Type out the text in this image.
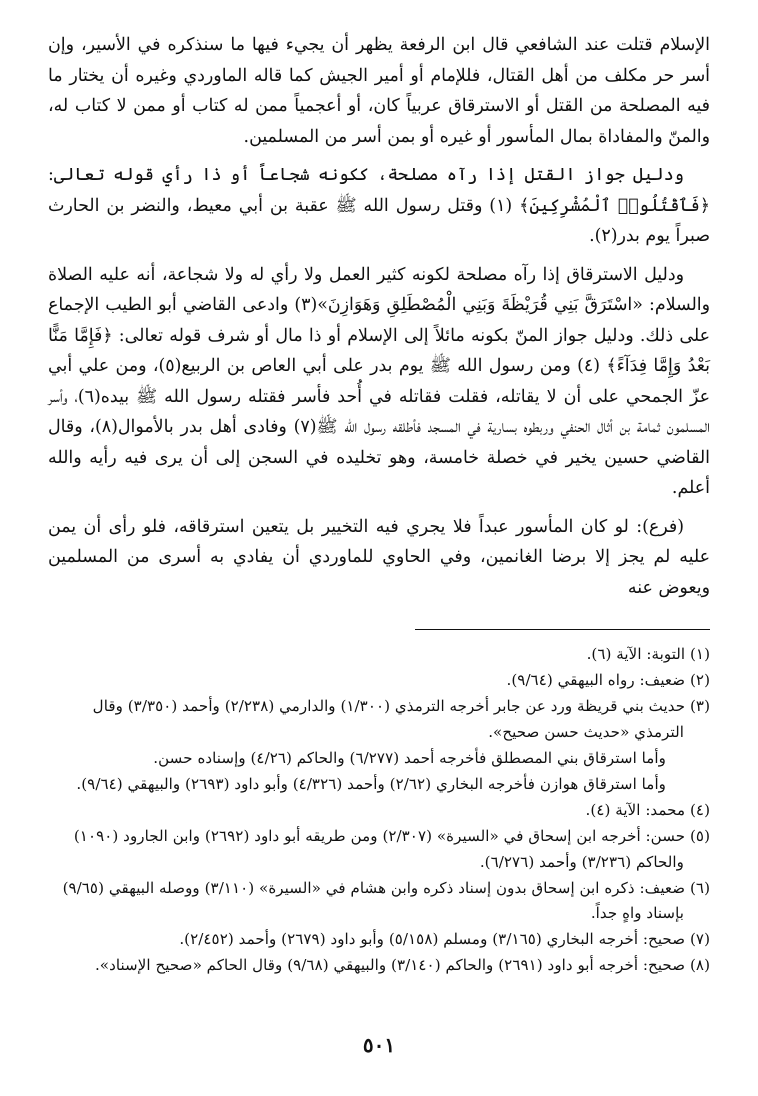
الإسلام قتلت عند الشافعي قال ابن الرفعة يظهر أن يجيء فيها ما سنذكره في الأسير، وإن أسر حر مكلف من أهل القتال، فللإمام أو أمير الجيش كما قاله الماوردي وغيره أن يختار ما فيه المصلحة من القتل أو الاسترقاق عربياً كان، أو أعجمياً ممن له كتاب أو ممن لا كتاب له، والمنّ والمفاداة بمال المأسور أو غيره أو بمن أسر من المسلمين.

ودليل جواز القتل إذا رآه مصلحة، ككونه شجاعاً أو ذا رأي قوله تعالى: ﴿فَٱقْتُلُوا۟ ٱلْمُشْرِكِينَ﴾ (١) وقتل رسول الله ﷺ عقبة بن أبي معيط، والنضر بن الحارث صبراً يوم بدر(٢).

ودليل الاسترقاق إذا رآه مصلحة لكونه كثير العمل ولا رأي له ولا شجاعة، أنه عليه الصلاة والسلام: «اسْتَرَقَّ بَنِي قُرَيْظَةَ وَبَنِي الْمُصْطَلِقِ وَهَوَازِنَ»(٣) وادعى القاضي أبو الطيب الإجماع على ذلك. ودليل جواز المنّ بكونه مائلاً إلى الإسلام أو ذا مال أو شرف قوله تعالى: ﴿فَإِمَّا مَنًّا بَعْدُ وَإِمَّا فِدَآءً﴾ (٤) ومن رسول الله ﷺ يوم بدر على أبي العاص بن الربيع(٥)، ومن علي أبي عزّ الجمحي على أن لا يقاتله، فقلت فقاتله في أُحد فأسر فقتله رسول الله ﷺ بيده(٦)، وأسر المسلمون ثمامة بن أثال الحنفي وربطوه بسارية في المسجد فأطلقه رسول الله ﷺ(٧) وفادى أهل بدر بالأموال(٨)، وقال القاضي حسين يخير في خصلة خامسة، وهو تخليده في السجن إلى أن يرى فيه رأيه والله أعلم.

(فرع): لو كان المأسور عبداً فلا يجري فيه التخيير بل يتعين استرقاقه، فلو رأى أن يمن عليه لم يجز إلا برضا الغانمين، وفي الحاوي للماوردي أن يفادي به أسرى من المسلمين ويعوض عنه

(١) التوبة: الآية (٦).
(٢) ضعيف: رواه البيهقي (٩/٦٤).
(٣) حديث بني قريظة ورد عن جابر أخرجه الترمذي (١/٣٠٠) والدارمي (٢/٢٣٨) وأحمد (٣/٣٥٠) وقال الترمذي «حديث حسن صحيح».
وأما استرقاق بني المصطلق فأخرجه أحمد (٦/٢٧٧) والحاكم (٤/٢٦) وإسناده حسن.
وأما استرقاق هوازن فأخرجه البخاري (٢/٦٢) وأحمد (٤/٣٢٦) وأبو داود (٢٦٩٣) والبيهقي (٩/٦٤).
(٤) محمد: الآية (٤).
(٥) حسن: أخرجه ابن إسحاق في «السيرة» (٢/٣٠٧) ومن طريقه أبو داود (٢٦٩٢) وابن الجارود (١٠٩٠) والحاكم (٣/٢٣٦) وأحمد (٦/٢٧٦).
(٦) ضعيف: ذكره ابن إسحاق بدون إسناد ذكره وابن هشام في «السيرة» (٣/١١٠) ووصله البيهقي (٩/٦٥) بإسناد واهٍ جداً.
(٧) صحيح: أخرجه البخاري (٣/١٦٥) ومسلم (٥/١٥٨) وأبو داود (٢٦٧٩) وأحمد (٢/٤٥٢).
(٨) صحيح: أخرجه أبو داود (٢٦٩١) والحاكم (٣/١٤٠) والبيهقي (٩/٦٨) وقال الحاكم «صحيح الإسناد».
٥٠١
